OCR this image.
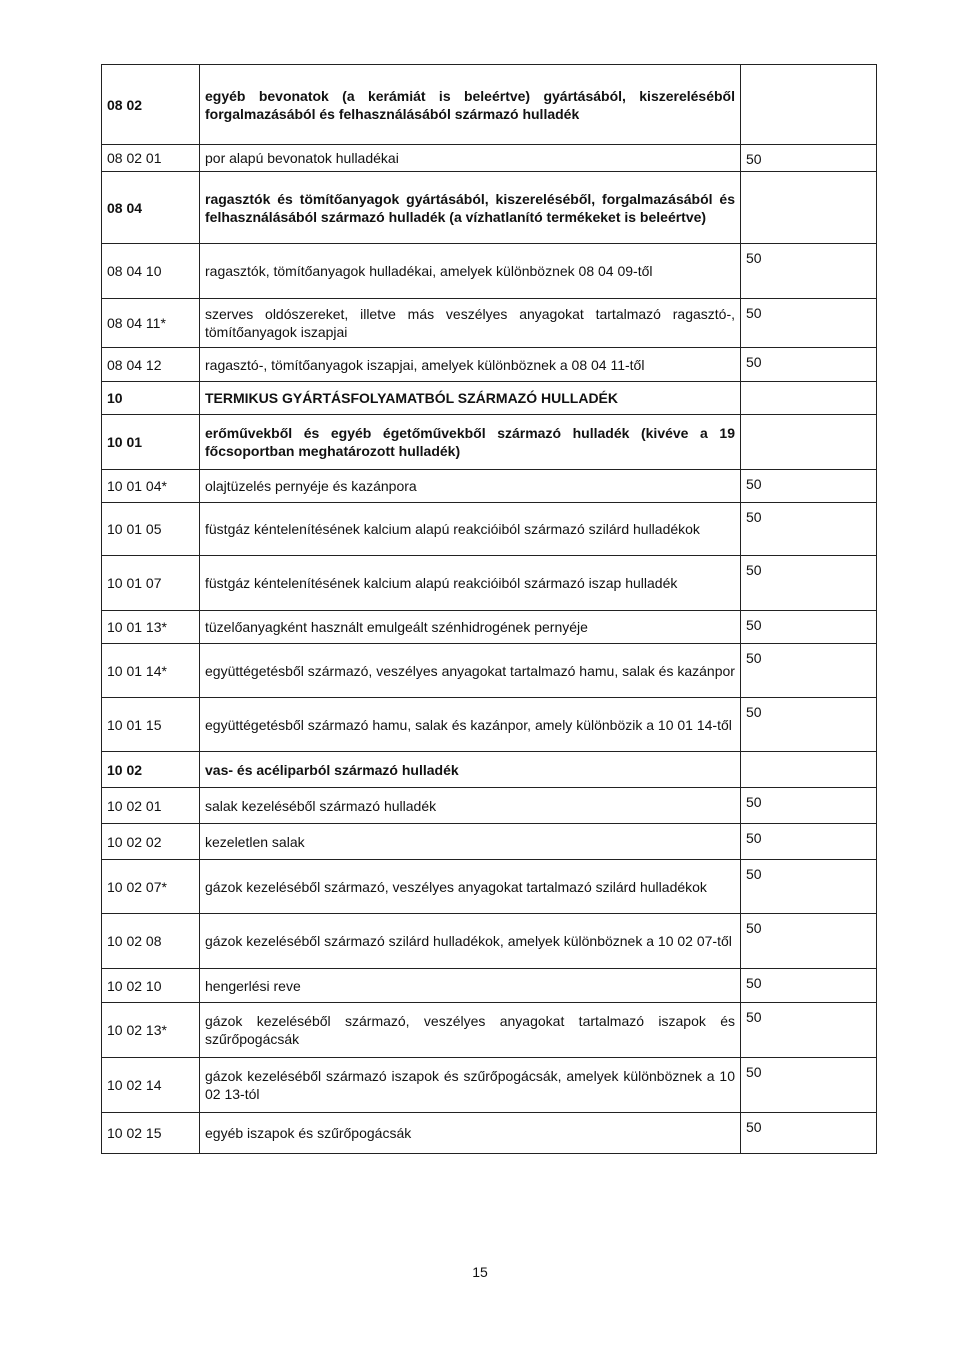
08 02	egyéb bevonatok (a kerámiát is beleértve) gyártásából, kiszereléséből forgalmazásából és felhasználásából származó hulladék	
08 02 01	por alapú bevonatok hulladékai	50
08 04	ragasztók és tömítőanyagok gyártásából, kiszereléséből, forgalmazásából és felhasználásából származó hulladék (a vízhatlanító termékeket is beleértve)	
08 04 10	ragasztók, tömítőanyagok hulladékai, amelyek különböznek 08 04 09-től	50
08 04 11*	szerves oldószereket, illetve más veszélyes anyagokat tartalmazó ragasztó-, tömítőanyagok iszapjai	50
08 04 12	ragasztó-, tömítőanyagok iszapjai, amelyek különböznek a 08 04 11-től	50
10	TERMIKUS GYÁRTÁSFOLYAMATBÓL SZÁRMAZÓ HULLADÉK	
10 01	erőművekből és egyéb égetőművekből származó hulladék (kivéve a 19 főcsoportban meghatározott hulladék)	
10 01 04*	olajtüzelés pernyéje és kazánpora	50
10 01 05	füstgáz kéntelenítésének kalcium alapú reakcióiból származó szilárd hulladékok	50
10 01 07	füstgáz kéntelenítésének kalcium alapú reakcióiból származó iszap hulladék	50
10 01 13*	tüzelőanyagként használt emulgeált szénhidrogének pernyéje	50
10 01 14*	együttégetésből származó, veszélyes anyagokat tartalmazó hamu, salak és kazánpor	50
10 01 15	együttégetésből származó hamu, salak és kazánpor, amely különbözik a 10 01 14-től	50
10 02	vas- és acéliparból származó hulladék	
10 02 01	salak kezeléséből származó hulladék	50
10 02 02	kezeletlen salak	50
10 02 07*	gázok kezeléséből származó, veszélyes anyagokat tartalmazó szilárd hulladékok	50
10 02 08	gázok kezeléséből származó szilárd hulladékok, amelyek különböznek a 10 02 07-től	50
10 02 10	hengerlési reve	50
10 02 13*	gázok kezeléséből származó, veszélyes anyagokat tartalmazó iszapok és szűrőpogácsák	50
10 02 14	gázok kezeléséből származó iszapok és szűrőpogácsák, amelyek különböznek a 10 02 13-tól	50
10 02 15	egyéb iszapok és szűrőpogácsák	50
15
